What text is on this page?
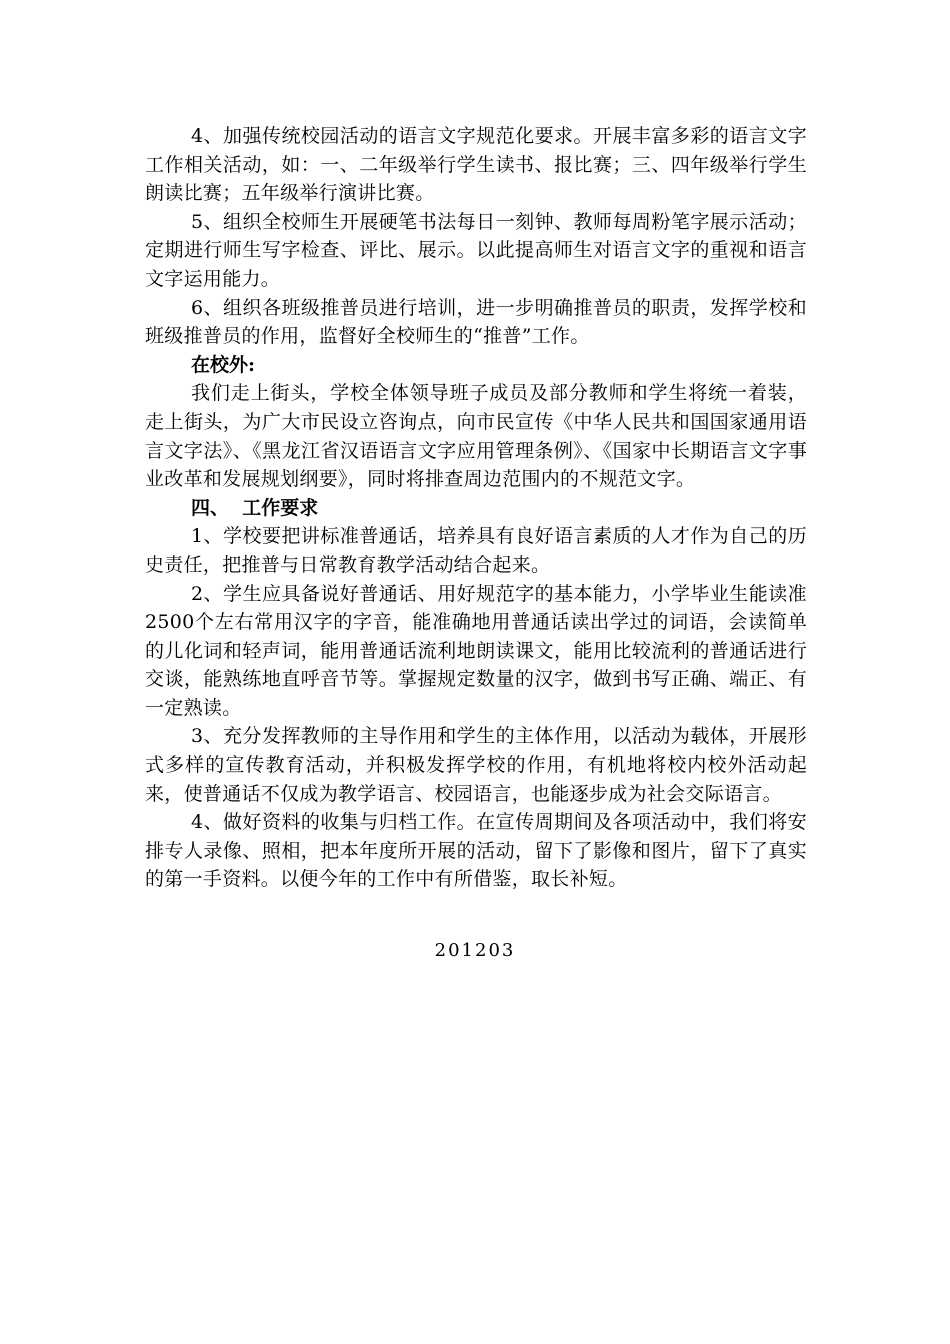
4、加强传统校园活动的语言文字规范化要求。开展丰富多彩的语言文字工作相关活动，如：一、二年级举行学生读书、报比赛；三、四年级举行学生朗读比赛；五年级举行演讲比赛。

5、组织全校师生开展硬笔书法每日一刻钟、教师每周粉笔字展示活动；定期进行师生写字检查、评比、展示。以此提高师生对语言文字的重视和语言文字运用能力。

6、组织各班级推普员进行培训，进一步明确推普员的职责，发挥学校和班级推普员的作用，监督好全校师生的“推普”工作。

在校外:

我们走上街头，学校全体领导班子成员及部分教师和学生将统一着装，走上街头，为广大市民设立咨询点，向市民宣传《中华人民共和国国家通用语言文字法》、《黑龙江省汉语语言文字应用管理条例》、《国家中长期语言文字事业改革和发展规划纲要》，同时将排查周边范围内的不规范文字。

四、  工作要求

1、学校要把讲标准普通话，培养具有良好语言素质的人才作为自己的历史责任，把推普与日常教育教学活动结合起来。

2、学生应具备说好普通话、用好规范字的基本能力，小学毕业生能读准2500个左右常用汉字的字音，能准确地用普通话读出学过的词语，会读简单的儿化词和轻声词，能用普通话流利地朗读课文，能用比较流利的普通话进行交谈，能熟练地直呼音节等。掌握规定数量的汉字，做到书写正确、端正、有一定熟读。

3、充分发挥教师的主导作用和学生的主体作用，以活动为载体，开展形式多样的宣传教育活动，并积极发挥学校的作用，有机地将校内校外活动起来，使普通话不仅成为教学语言、校园语言，也能逐步成为社会交际语言。

4、做好资料的收集与归档工作。在宣传周期间及各项活动中，我们将安排专人录像、照相，把本年度所开展的活动，留下了影像和图片，留下了真实的第一手资料。以便今年的工作中有所借鉴，取长补短。

201203
